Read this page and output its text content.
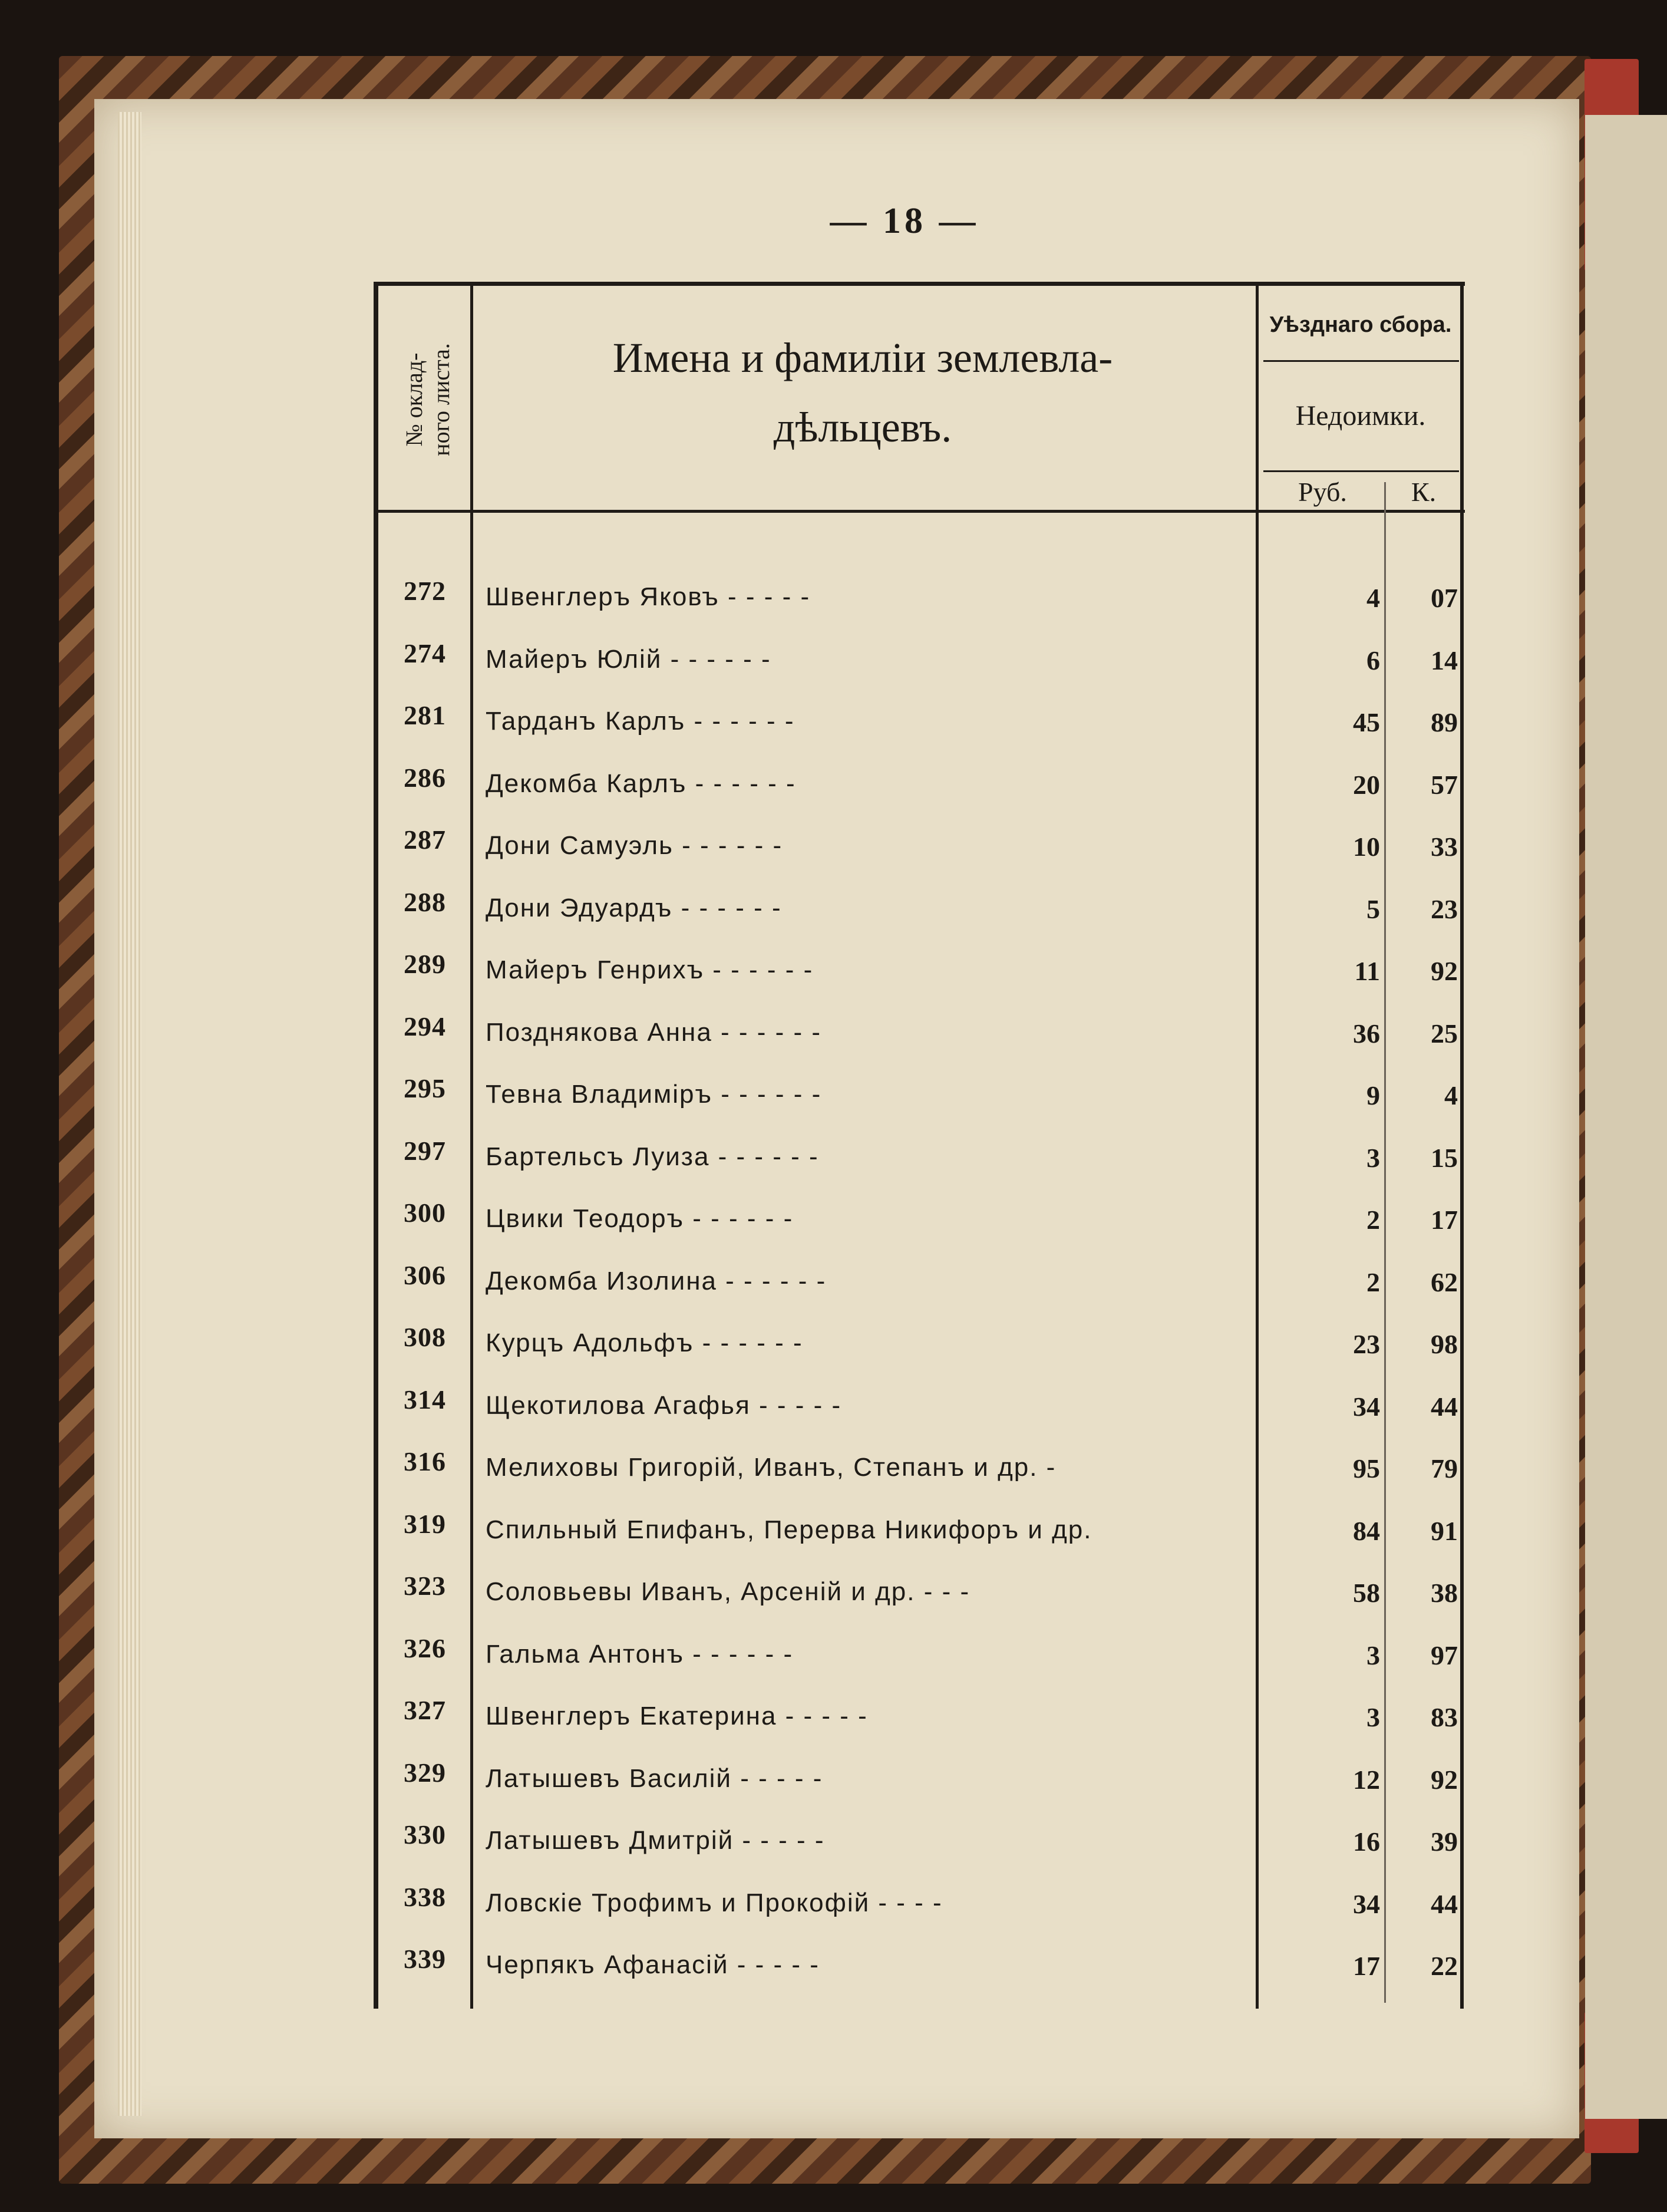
— 18 —
№ оклад-
ного листа.	Имена и фамиліи землевла-
дѣльцевъ.
Уѣзднаго сбора.
Недоимки.
Руб.	К.
272	Швенглеръ Яковъ - - - - -	4	07
274	Майеръ Юлій - - - - - -	6	14
281	Тарданъ Карлъ - - - - - -	45	89
286	Декомба Карлъ - - - - - -	20	57
287	Дони Самуэль - - - - - -	10	33
288	Дони Эдуардъ - - - - - -	5	23
289	Майеръ Генрихъ - - - - - -	11	92
294	Позднякова Анна - - - - - -	36	25
295	Тевна Владиміръ - - - - - -	9	4
297	Бартельсъ Луиза - - - - - -	3	15
300	Цвики Теодоръ - - - - - -	2	17
306	Декомба Изолина - - - - - -	2	62
308	Курцъ Адольфъ - - - - - -	23	98
314	Щекотилова Агафья - - - - -	34	44
316	Мелиховы Григорій, Иванъ, Степанъ и др. -	95	79
319	Спильный Епифанъ, Перерва Никифоръ и др.	84	91
323	Соловьевы Иванъ, Арсеній и др. - - -	58	38
326	Гальма Антонъ - - - - - -	3	97
327	Швенглеръ Екатерина - - - - -	3	83
329	Латышевъ Василій - - - - -	12	92
330	Латышевъ Дмитрій - - - - -	16	39
338	Ловскіе Трофимъ и Прокофій - - - -	34	44
339	Черпякъ Афанасій - - - - -	17	22
